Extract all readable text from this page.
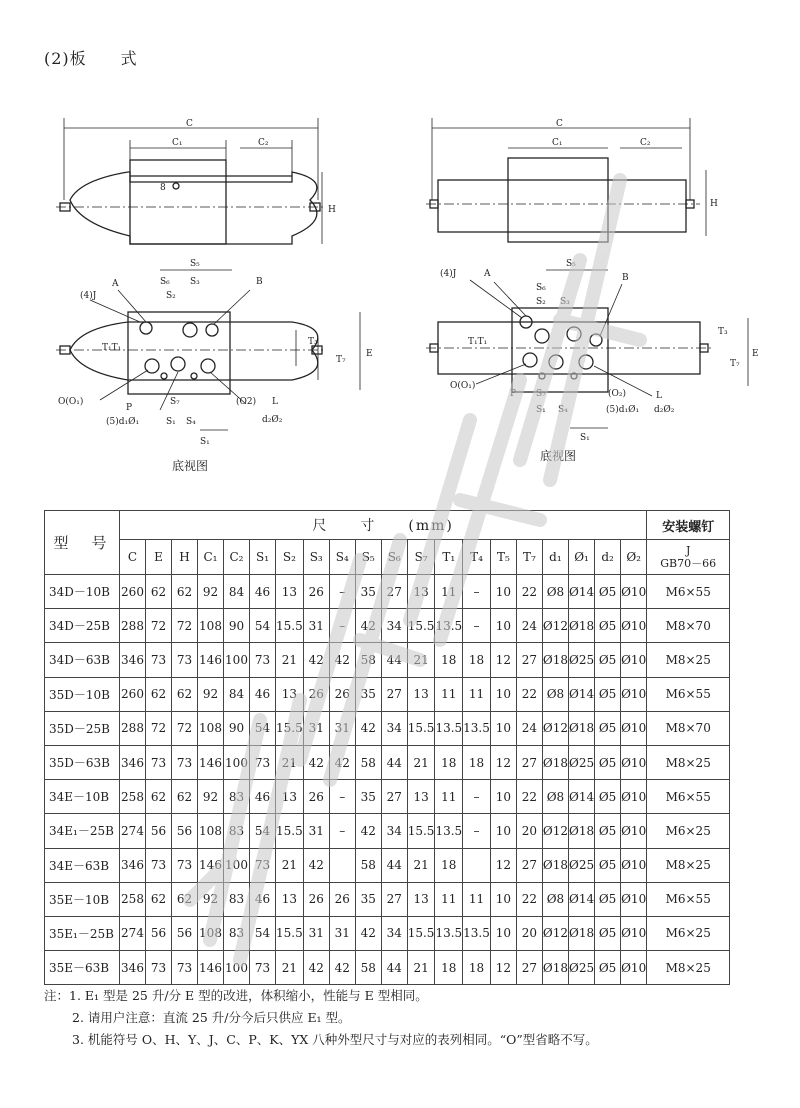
(2)板　　式
C
C₁	C₂
8
H
A	B
(4)J
S₅
S₆ S₃
S₂
T₃
T₁T₁
T₇
E
O(O₁)
P
S₇	(O2) L
(5)d₁Ø₁	S₁ S₄	d₂Ø₂
S₁
底视图
C
C₁	C₂
H
(4)J	A	B
S₅
S₆
S₂ S₃
T₁T₁
T₃
T₇
E
O(O₁)
P S₇	(O₂)	L
S₁ S₄	(5)d₁Ø₁ d₂Ø₂
S₁
底视图
型　号	尺　　寸　　(mm)																				安装螺钉
	C	E	H	C₁	C₂	S₁	S₂	S₃	S₄	S₅	S₆	S₇	T₁	T₄	T₅	T₇	d₁	Ø₁	d₂	Ø₂	J
GB70－66

34D－10B	260	62	62	92	84	46	13	26	–	35	27	13	11	–	10	22	Ø8	Ø14	Ø5	Ø10	M6×55
34D－25B	288	72	72	108	90	54	15.5	31	–	42	34	15.5	13.5	–	10	24	Ø12	Ø18	Ø5	Ø10	M8×70
34D－63B	346	73	73	146	100	73	21	42	42	58	44	21	18	18	12	27	Ø18	Ø25	Ø5	Ø10	M8×25
35D－10B	260	62	62	92	84	46	13	26	26	35	27	13	11	11	10	22	Ø8	Ø14	Ø5	Ø10	M6×55
35D－25B	288	72	72	108	90	54	15.5	31	31	42	34	15.5	13.5	13.5	10	24	Ø12	Ø18	Ø5	Ø10	M8×70
35D－63B	346	73	73	146	100	73	21	42	42	58	44	21	18	18	12	27	Ø18	Ø25	Ø5	Ø10	M8×25
34E－10B	258	62	62	92	83	46	13	26	–	35	27	13	11	–	10	22	Ø8	Ø14	Ø5	Ø10	M6×55
34E₁－25B	274	56	56	108	83	54	15.5	31	–	42	34	15.5	13.5	–	10	20	Ø12	Ø18	Ø5	Ø10	M6×25
34E－63B	346	73	73	146	100	73	21	42		58	44	21	18		12	27	Ø18	Ø25	Ø5	Ø10	M8×25
35E－10B	258	62	62	92	83	46	13	26	26	35	27	13	11	11	10	22	Ø8	Ø14	Ø5	Ø10	M6×55
35E₁－25B	274	56	56	108	83	54	15.5	31	31	42	34	15.5	13.5	13.5	10	20	Ø12	Ø18	Ø5	Ø10	M6×25
35E－63B	346	73	73	146	100	73	21	42	42	58	44	21	18	18	12	27	Ø18	Ø25	Ø5	Ø10	M8×25
注：1. E₁ 型是 25 升/分 E 型的改进，体积缩小，性能与 E 型相同。
2. 请用户注意：直流 25 升/分今后只供应 E₁ 型。
3. 机能符号 O、H、Y、J、C、P、K、YX 八种外型尺寸与对应的表列相同。“O”型省略不写。
